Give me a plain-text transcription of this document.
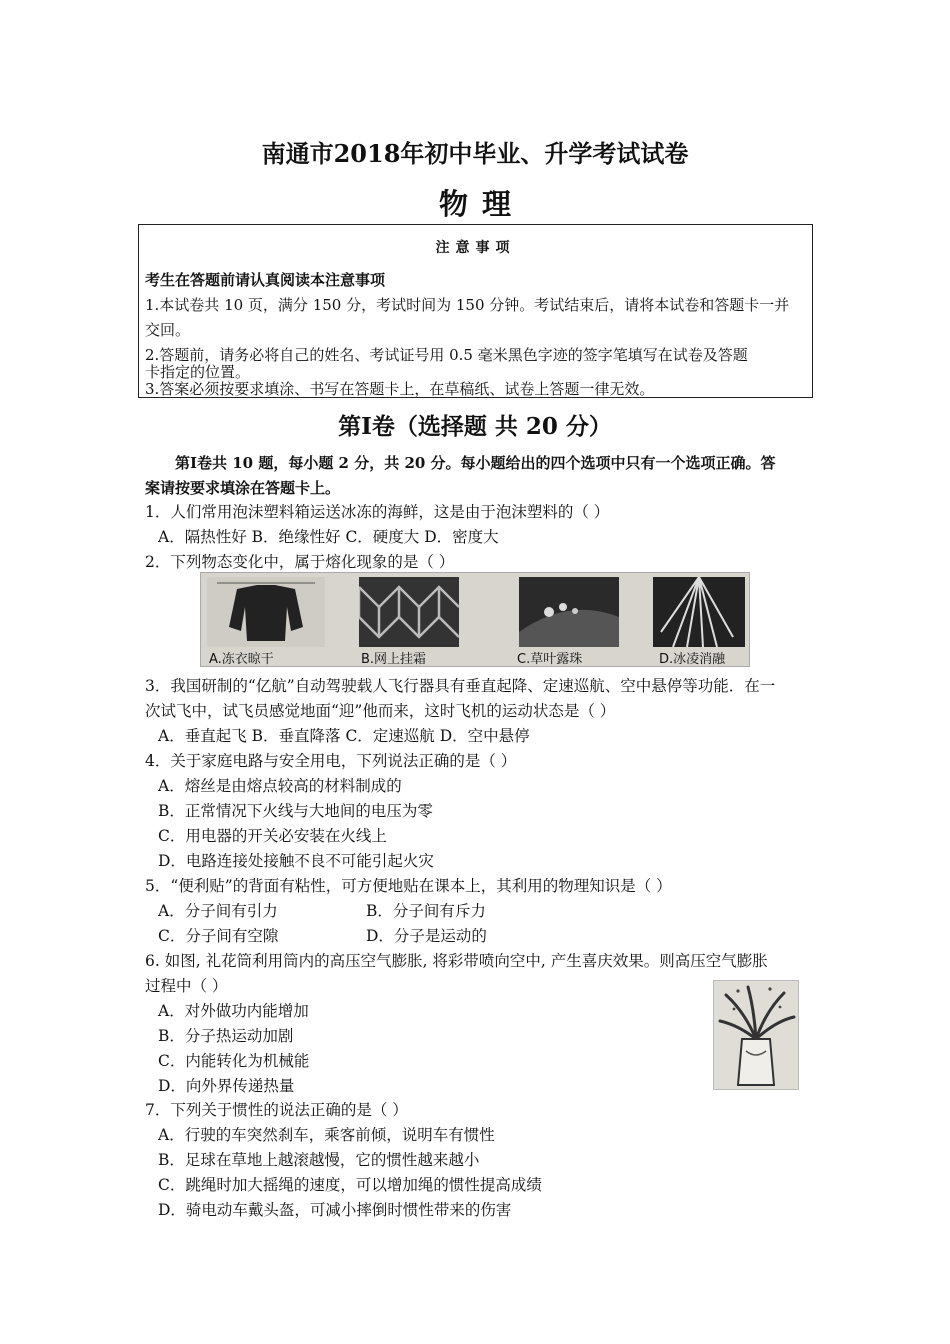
南通市2018年初中毕业、升学考试试卷
物理
注意事项
考生在答题前请认真阅读本注意事项
1.本试卷共 10 页，满分 150 分，考试时间为 150 分钟。考试结束后，请将本试卷和答题卡一并
交回。
2.答题前，请务必将自己的姓名、考试证号用 0.5 毫米黑色字迹的签字笔填写在试卷及答题
卡指定的位置。
3.答案必须按要求填涂、书写在答题卡上，在草稿纸、试卷上答题一律无效。
第Ⅰ卷（选择题 共 20 分）
第Ⅰ卷共 10 题，每小题 2 分，共 20 分。每小题给出的四个选项中只有一个选项正确。答
案请按要求填涂在答题卡上。
1．人们常用泡沫塑料箱运送冰冻的海鲜，这是由于泡沫塑料的（ ）
A．隔热性好 B．绝缘性好 C．硬度大 D．密度大
2．下列物态变化中，属于熔化现象的是（ ）
A.冻衣晾干	B.网上挂霜	C.草叶露珠	D.冰凌消融
3．我国研制的“亿航”自动驾驶载人飞行器具有垂直起降、定速巡航、空中悬停等功能．在一
次试飞中，试飞员感觉地面“迎”他而来，这时飞机的运动状态是（ ）
A．垂直起飞 B．垂直降落 C．定速巡航 D．空中悬停
4．关于家庭电路与安全用电，下列说法正确的是（ ）
A．熔丝是由熔点较高的材料制成的
B．正常情况下火线与大地间的电压为零
C．用电器的开关必安装在火线上
D．电路连接处接触不良不可能引起火灾
5．“便利贴”的背面有粘性，可方便地贴在课本上，其利用的物理知识是（ ）
A．分子间有引力	B．分子间有斥力
C．分子间有空隙	D．分子是运动的
6. 如图, 礼花筒利用筒内的高压空气膨胀, 将彩带喷向空中, 产生喜庆效果。则高压空气膨胀
过程中（ ）
A．对外做功内能增加
B．分子热运动加剧
C．内能转化为机械能
D．向外界传递热量
7．下列关于惯性的说法正确的是（ ）
A．行驶的车突然刹车，乘客前倾，说明车有惯性
B．足球在草地上越滚越慢，它的惯性越来越小
C．跳绳时加大摇绳的速度，可以增加绳的惯性提高成绩
D．骑电动车戴头盔，可减小摔倒时惯性带来的伤害
